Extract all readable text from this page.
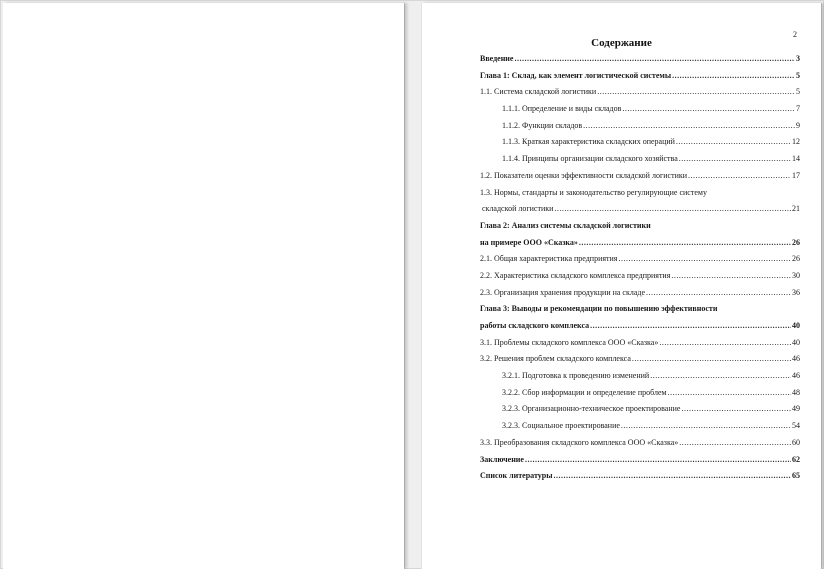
2
Содержание
Введение .....	3
Глава 1: Склад, как элемент логистической системы .....	5
1.1. Система складской логистики .....	5
1.1.1. Определение и виды складов .....	7
1.1.2. Функции складов .....	9
1.1.3. Краткая характеристика складских операций .....	12
1.1.4. Принципы организации складского хозяйства .....	14
1.2. Показатели оценки эффективности складской логистики .....	17
1.3. Нормы, стандарты и законодательство регулирующие систему
складской логистики .....	21
Глава 2: Анализ системы складской логистики
на примере ООО «Сказка» .....	26
2.1. Общая характеристика предприятия .....	26
2.2. Характеристика складского комплекса предприятия .....	30
2.3. Организация хранения продукции на складе .....	36
Глава 3: Выводы и рекомендации по повышению эффективности
работы складского комплекса .....	40
3.1. Проблемы складского комплекса ООО «Сказка» .....	40
3.2. Решения проблем складского комплекса .....	46
3.2.1. Подготовка к проведению изменений .....	46
3.2.2. Сбор информации и определение проблем .....	48
3.2.3. Организационно-техническое проектирование .....	49
3.2.3. Социальное проектирование .....	54
3.3. Преобразования складского комплекса ООО «Сказка» .....	60
Заключение .....	62
Список литературы .....	65
